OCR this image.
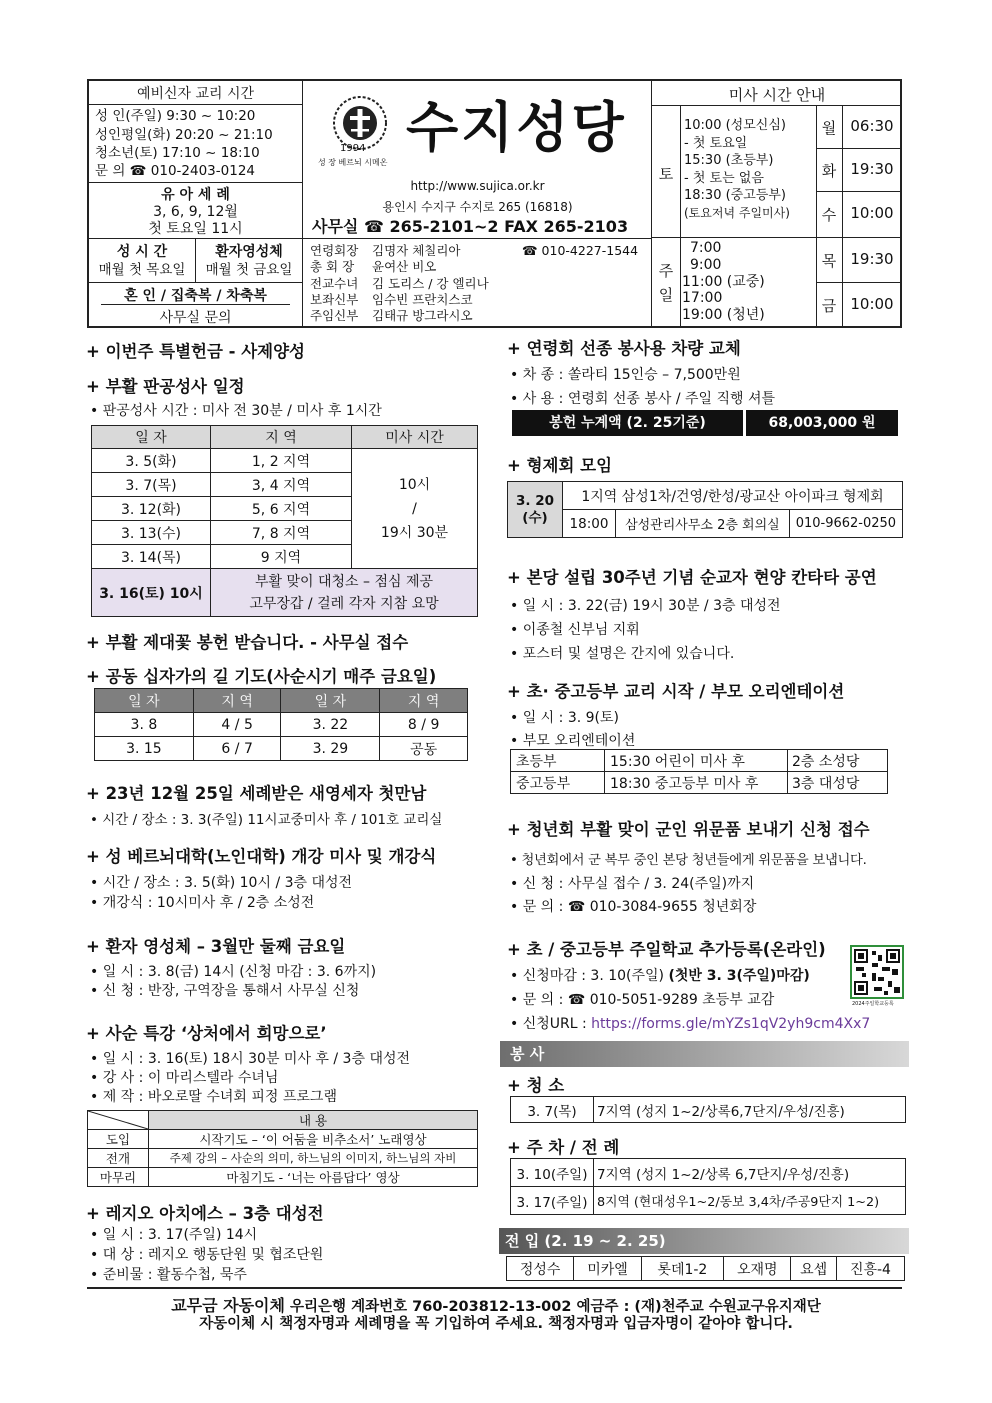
예비신자 교리 시간
성 인(주일) 9:30 ~ 10:20
성인평일(화) 20:20 ~ 21:10
청소년(토) 17:10 ~ 18:10
문 의 ☎ 010-2403-0124
유 아 세 례
3, 6, 9, 12월
첫 토요일 11시
성 시 간
매월 첫 목요일
환자영성체
매월 첫 금요일
혼 인 / 집축복 / 차축복
사무실 문의
1994
성 장 베르뇌 시메온
수지성당
http://www.sujica.or.kr
용인시 수지구 수지로 265 (16818)
사무실 ☎ 265-2101~2 FAX 265-2103
연령회장 김명자 체칠리아	☎ 010-4227-1544
총 회 장 윤여산 비오
전교수녀 김 도리스 / 강 엘리나
보좌신부 임수빈 프란치스코
주임신부 김태규 방그라시오
미사 시간 안내
토
10:00 (성모신심)
- 첫 토요일
15:30 (초등부)
- 첫 토는 없음
18:30 (중고등부)
(토요저녁 주일미사)
주
일
7:00
9:00
11:00 (교중)
17:00
19:00 (청년)
월 06:30
화 19:30
수 10:00
목 19:30
금 10:00
+ 이번주 특별헌금 - 사제양성
+ 부활 판공성사 일정
• 판공성사 시간 : 미사 전 30분 / 미사 후 1시간
일 자	지 역	미사 시간
3. 5(화)	1, 2 지역	10시
/
19시 30분

3. 7(목)	3, 4 지역	
3. 12(화)	5, 6 지역	
3. 13(수)	7, 8 지역	
3. 14(목)	9 지역	
3. 16(토) 10시	부활 맞이 대청소 – 점심 제공
고무장갑 / 걸레 각자 지참 요망	
+ 부활 제대꽃 봉헌 받습니다. - 사무실 접수
+ 공동 십자가의 길 기도(사순시기 매주 금요일)
일 자	지 역	일 자	지 역
3. 8	4 / 5	3. 22	8 / 9
3. 15	6 / 7	3. 29	공동
+ 23년 12월 25일 세례받은 새영세자 첫만남
• 시간 / 장소 : 3. 3(주일) 11시교중미사 후 / 101호 교리실
+ 성 베르뇌대학(노인대학) 개강 미사 및 개강식
• 시간 / 장소 : 3. 5(화) 10시 / 3층 대성전
• 개강식 : 10시미사 후 / 2층 소성전
+ 환자 영성체 – 3월만 둘째 금요일
• 일 시 : 3. 8(금) 14시 (신청 마감 : 3. 6까지)
• 신 청 : 반장, 구역장을 통해서 사무실 신청
+ 사순 특강 ‘상처에서 희망으로’
• 일 시 : 3. 16(토) 18시 30분 미사 후 / 3층 대성전
• 강 사 : 이 마리스텔라 수녀님
• 제 작 : 바오로딸 수녀회 피정 프로그램
	내 용
도입	시작기도 – ‘이 어둠을 비추소서’ 노래영상
전개	주제 강의 – 사순의 의미, 하느님의 이미지, 하느님의 자비
마무리	마침기도 - ‘너는 아름답다’ 영상
+ 레지오 아치에스 – 3층 대성전
• 일 시 : 3. 17(주일) 14시
• 대 상 : 레지오 행동단원 및 협조단원
• 준비물 : 활동수첩, 묵주
+ 연령회 선종 봉사용 차량 교체
• 차 종 : 쏠라티 15인승 – 7,500만원
• 사 용 : 연령회 선종 봉사 / 주일 직행 셔틀
봉헌 누계액 (2. 25기준)	68,003,000 원
+ 형제회 모임
3. 20
(수)	1지역 삼성1차/건영/한성/광교산 아이파크 형제회		
	18:00	삼성관리사무소 2층 회의실	010-9662-0250
+ 본당 설립 30주년 기념 순교자 현양 칸타타 공연
• 일 시 : 3. 22(금) 19시 30분 / 3층 대성전
• 이종철 신부님 지휘
• 포스터 및 설명은 간지에 있습니다.
+ 초· 중고등부 교리 시작 / 부모 오리엔테이션
• 일 시 : 3. 9(토)
• 부모 오리엔테이션
초등부	15:30 어린이 미사 후	2층 소성당
중고등부	18:30 중고등부 미사 후	3층 대성당
+ 청년회 부활 맞이 군인 위문품 보내기 신청 접수
• 청년회에서 군 복무 중인 본당 청년들에게 위문품을 보냅니다.
• 신 청 : 사무실 접수 / 3. 24(주일)까지
• 문 의 : ☎ 010-3084-9655 청년회장
+ 초 / 중고등부 주일학교 추가등록(온라인)
• 신청마감 : 3. 10(주일) (첫반 3. 3(주일)마감)
• 문 의 : ☎ 010-5051-9289 초등부 교감
• 신청URL : https://forms.gle/mYZs1qV2yh9cm4Xx7
2024주일학교등록
봉 사
+ 청 소
3. 7(목)	7지역 (성지 1~2/상록6,7단지/우성/진흥)
+ 주 차 / 전 례
3. 10(주일)	7지역 (성지 1~2/상록 6,7단지/우성/진흥)
3. 17(주일)	8지역 (현대성우1~2/동보 3,4차/주공9단지 1~2)
전 입 (2. 19 ~ 2. 25)
정성수	미카엘	롯데1-2	오재명	요셉	진흥-4
교무금 자동이체 우리은행 계좌번호 760-203812-13-002 예금주 : (재)천주교 수원교구유지재단
자동이체 시 책정자명과 세례명을 꼭 기입하여 주세요. 책정자명과 입금자명이 같아야 합니다.
